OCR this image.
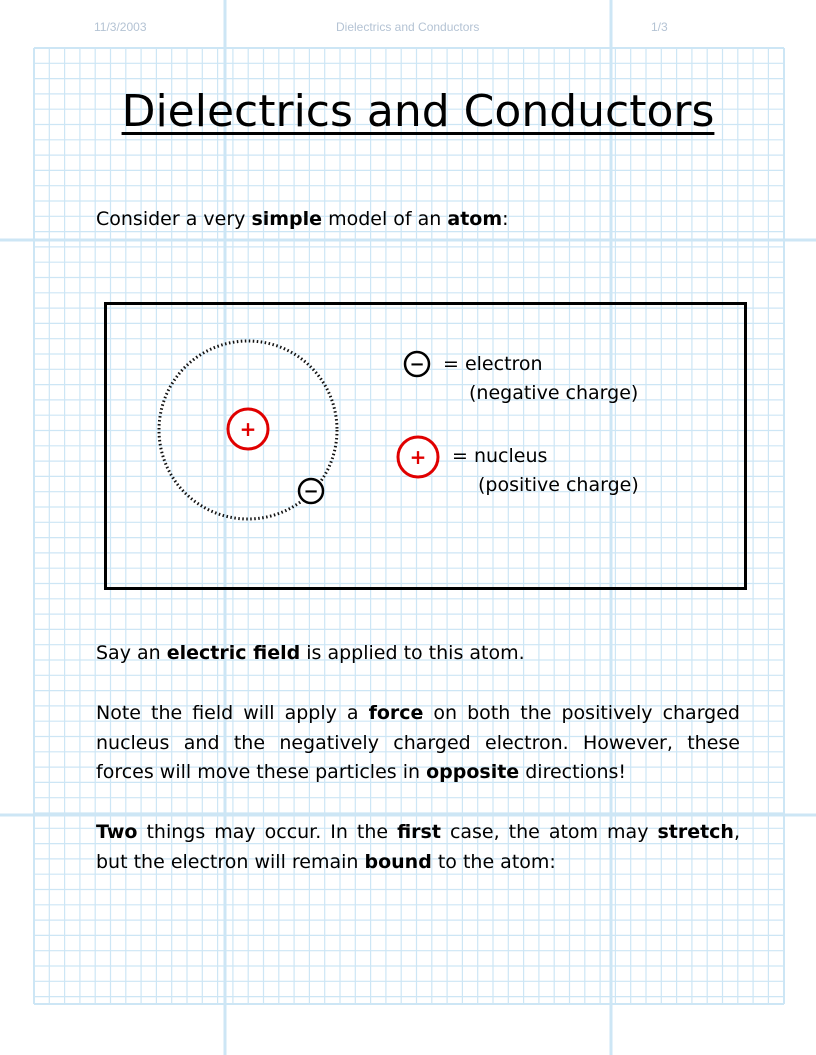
11/3/2003	Dielectrics and Conductors	1/3
Dielectrics and Conductors

Consider a very simple model of an atom:

+
−
−
+
= electron
(negative charge)
= nucleus
(positive charge)

Say an electric field is applied to this atom.

Note the field will apply a force on both the positively charged nucleus and the negatively charged electron. However, these forces will move these particles in opposite directions!

Two things may occur. In the first case, the atom may stretch, but the electron will remain bound to the atom:
